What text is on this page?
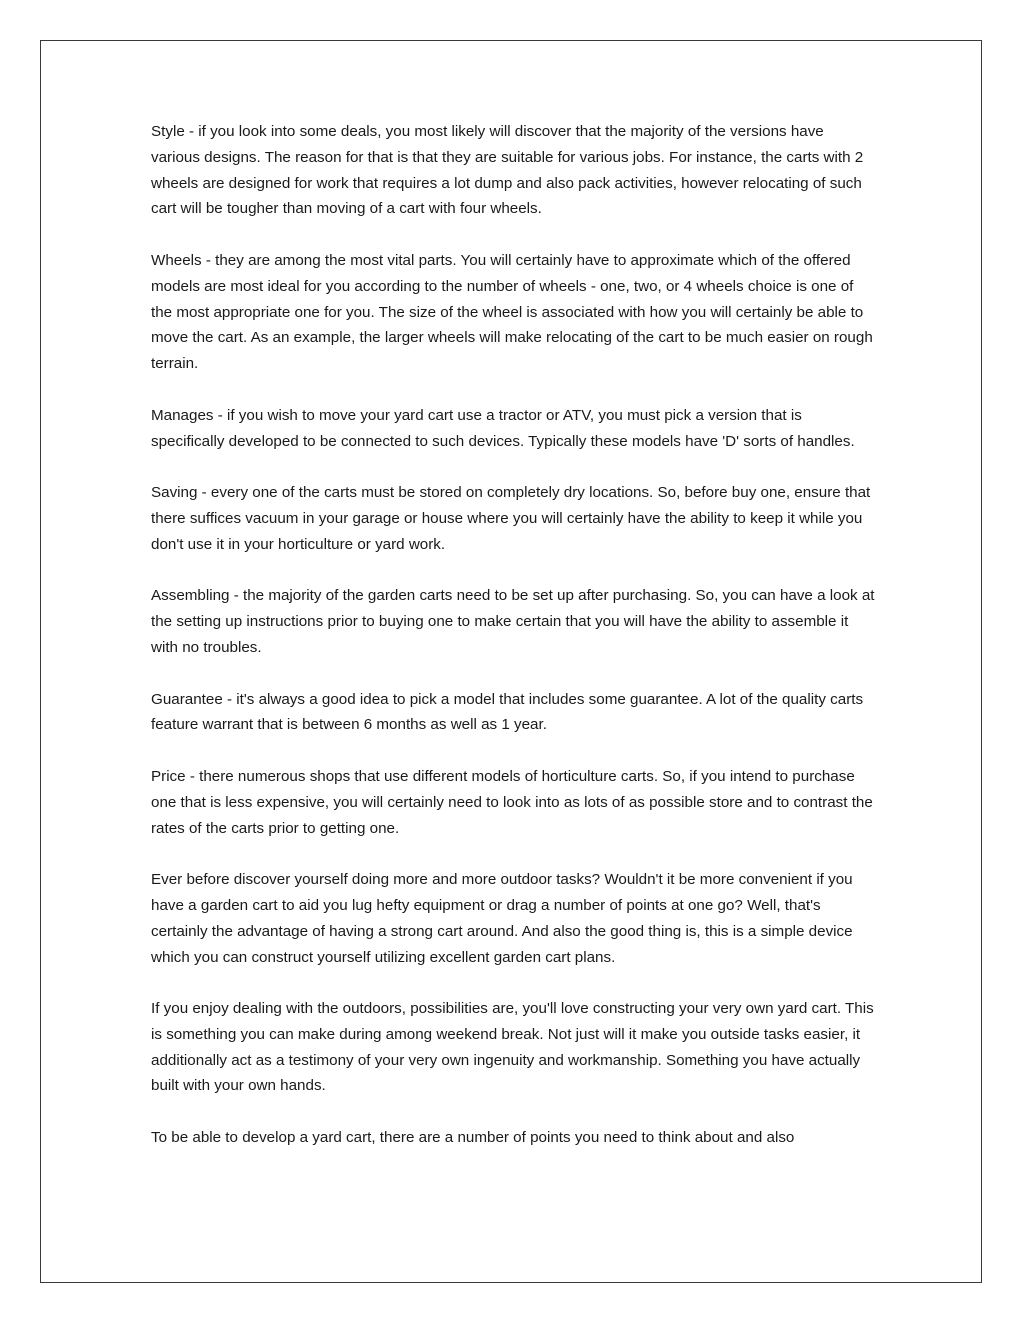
Style - if you look into some deals, you most likely will discover that the majority of the versions have various designs. The reason for that is that they are suitable for various jobs. For instance, the carts with 2 wheels are designed for work that requires a lot dump and also pack activities, however relocating of such cart will be tougher than moving of a cart with four wheels.

Wheels - they are among the most vital parts. You will certainly have to approximate which of the offered models are most ideal for you according to the number of wheels - one, two, or 4 wheels choice is one of the most appropriate one for you. The size of the wheel is associated with how you will certainly be able to move the cart. As an example, the larger wheels will make relocating of the cart to be much easier on rough terrain.

Manages - if you wish to move your yard cart use a tractor or ATV, you must pick a version that is specifically developed to be connected to such devices. Typically these models have 'D' sorts of handles.

Saving - every one of the carts must be stored on completely dry locations. So, before buy one, ensure that there suffices vacuum in your garage or house where you will certainly have the ability to keep it while you don't use it in your horticulture or yard work.

Assembling - the majority of the garden carts need to be set up after purchasing. So, you can have a look at the setting up instructions prior to buying one to make certain that you will have the ability to assemble it with no troubles.

Guarantee - it's always a good idea to pick a model that includes some guarantee. A lot of the quality carts feature warrant that is between 6 months as well as 1 year.

Price - there numerous shops that use different models of horticulture carts. So, if you intend to purchase one that is less expensive, you will certainly need to look into as lots of as possible store and to contrast the rates of the carts prior to getting one.

Ever before discover yourself doing more and more outdoor tasks? Wouldn't it be more convenient if you have a garden cart to aid you lug hefty equipment or drag a number of points at one go? Well, that's certainly the advantage of having a strong cart around. And also the good thing is, this is a simple device which you can construct yourself utilizing excellent garden cart plans.

If you enjoy dealing with the outdoors, possibilities are, you'll love constructing your very own yard cart. This is something you can make during among weekend break. Not just will it make you outside tasks easier, it additionally act as a testimony of your very own ingenuity and workmanship. Something you have actually built with your own hands.

To be able to develop a yard cart, there are a number of points you need to think about and also
